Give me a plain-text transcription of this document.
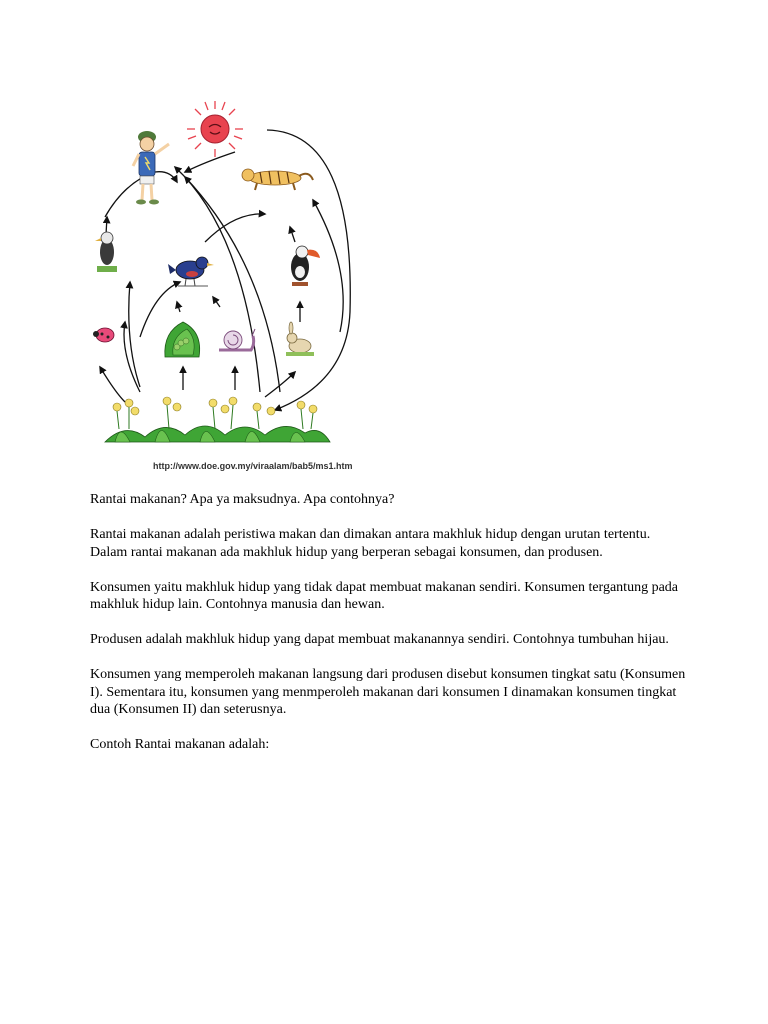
http://www.doe.gov.my/viraalam/bab5/ms1.htm

Rantai makanan? Apa ya maksudnya. Apa contohnya?

Rantai makanan adalah peristiwa makan dan dimakan antara makhluk hidup dengan urutan tertentu. Dalam rantai makanan ada makhluk hidup yang berperan sebagai konsumen, dan produsen.

Konsumen yaitu makhluk hidup yang tidak dapat membuat makanan sendiri. Konsumen tergantung pada makhluk hidup lain. Contohnya manusia dan hewan.

Produsen adalah makhluk hidup yang dapat membuat makanannya sendiri. Contohnya tumbuhan hijau.

Konsumen yang memperoleh makanan langsung dari produsen disebut konsumen tingkat satu (Konsumen I). Sementara itu, konsumen yang menmperoleh makanan dari konsumen I dinamakan konsumen tingkat dua (Konsumen II) dan seterusnya.

Contoh Rantai makanan adalah:
